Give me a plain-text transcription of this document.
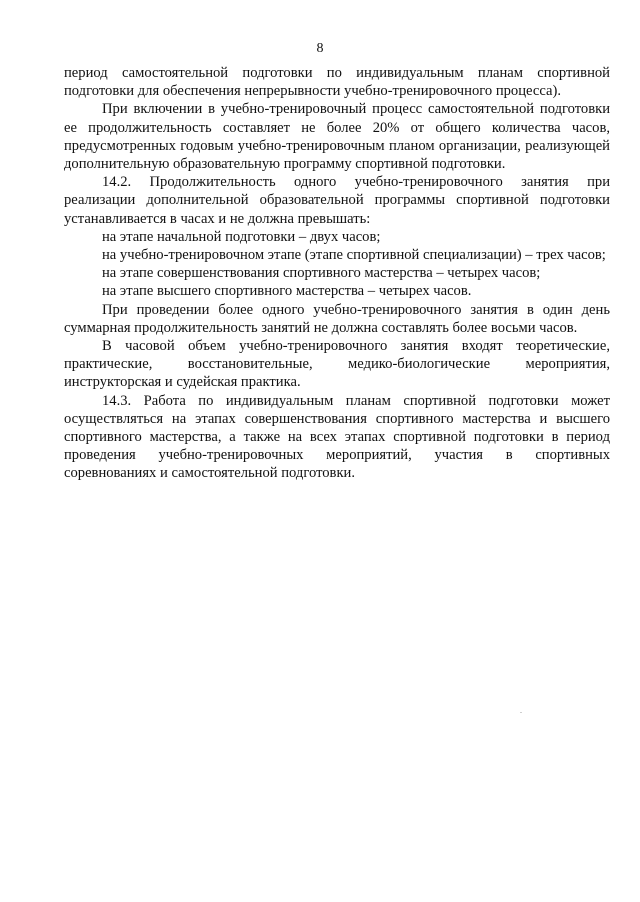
8

период самостоятельной подготовки по индивидуальным планам спортивной подготовки для обеспечения непрерывности учебно-тренировочного процесса).

При включении в учебно-тренировочный процесс самостоятельной подготовки ее продолжительность составляет не более 20% от общего количества часов, предусмотренных годовым учебно-тренировочным планом организации, реализующей дополнительную образовательную программу спортивной подготовки.

14.2. Продолжительность одного учебно-тренировочного занятия при реализации дополнительной образовательной программы спортивной подготовки устанавливается в часах и не должна превышать:

на этапе начальной подготовки – двух часов;

на учебно-тренировочном этапе (этапе спортивной специализации) – трех часов;

на этапе совершенствования спортивного мастерства – четырех часов;

на этапе высшего спортивного мастерства – четырех часов.

При проведении более одного учебно-тренировочного занятия в один день суммарная продолжительность занятий не должна составлять более восьми часов.

В часовой объем учебно-тренировочного занятия входят теоретические, практические, восстановительные, медико-биологические мероприятия, инструкторская и судейская практика.

14.3. Работа по индивидуальным планам спортивной подготовки может осуществляться на этапах совершенствования спортивного мастерства и высшего спортивного мастерства, а также на всех этапах спортивной подготовки в период проведения учебно-тренировочных мероприятий, участия в спортивных соревнованиях и самостоятельной подготовки.
